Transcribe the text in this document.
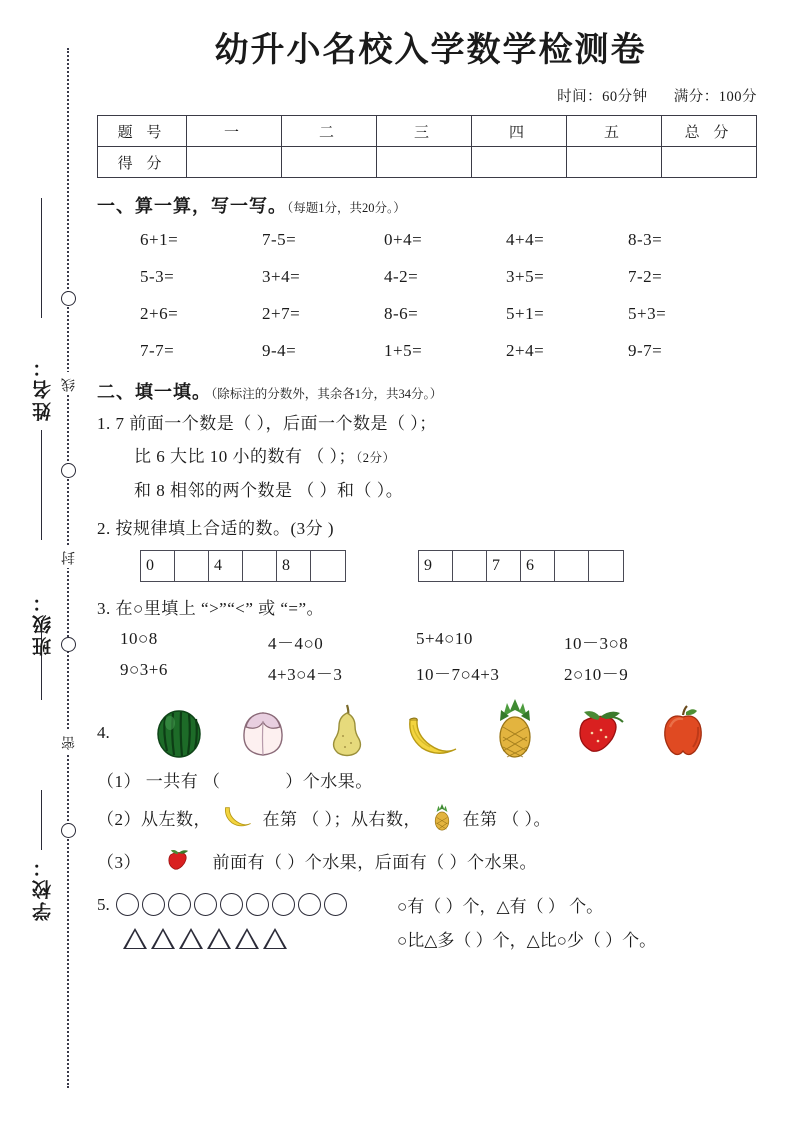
姓名：
班级：
学校：
线
封
密
幼升小名校入学数学检测卷
时间：60分钟 满分：100分
题 号	一	二	三	四	五	总 分
得 分						
一、算一算，写一写。（每题1分，共20分。）
6+1=	7-5=	0+4=	4+4=	8-3=
5-3=	3+4=	4-2=	3+5=	7-2=
2+6=	2+7=	8-6=	5+1=	5+3=
7-7=	9-4=	1+5=	2+4=	9-7=
二、填一填。（除标注的分数外，其余各1分，共34分。）
1. 7 前面一个数是（ ），后面一个数是（ ）；
比 6 大比 10 小的数有 （ ）；（2分）
和 8 相邻的两个数是 （ ）和（ ）。
2. 按规律填上合适的数。(3分 )
0	4	8	9	7	6
3. 在○里填上 “>”“<” 或 “=”。
10○8	4－4○0	5+4○10	10－3○8
9○3+6	4+3○4－3	10－7○4+3	2○10－9
4.
（1） 一共有 （	）个水果。
（2）从左数，	在第 （ ）；从右数， 在第 （ ）。
（3）	前面有（ ）个水果，后面有（ ）个水果。
5.	○有（ ）个，△有（ ） 个。
○比△多（ ）个，△比○少（ ）个。
